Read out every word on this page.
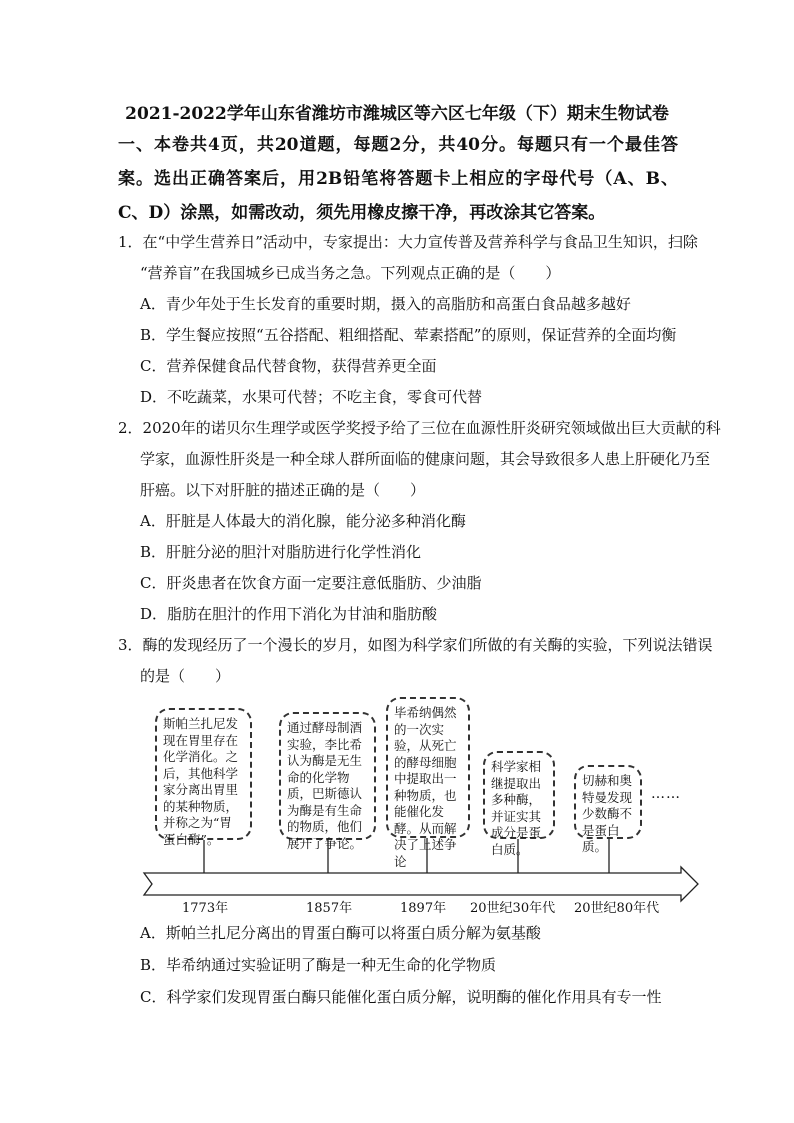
2021-2022学年山东省潍坊市潍城区等六区七年级（下）期末生物试卷
一、本卷共4页，共20道题，每题2分，共40分。每题只有一个最佳答案。选出正确答案后，用2B铅笔将答题卡上相应的字母代号（A、B、C、D）涂黑，如需改动，须先用橡皮擦干净，再改涂其它答案。
1．在“中学生营养日”活动中，专家提出：大力宣传普及营养科学与食品卫生知识，扫除
“营养盲”在我国城乡已成当务之急。下列观点正确的是（　　）
A．青少年处于生长发育的重要时期，摄入的高脂肪和高蛋白食品越多越好
B．学生餐应按照“五谷搭配、粗细搭配、荤素搭配”的原则，保证营养的全面均衡
C．营养保健食品代替食物，获得营养更全面
D．不吃蔬菜，水果可代替；不吃主食，零食可代替
2．2020年的诺贝尔生理学或医学奖授予给了三位在血源性肝炎研究领域做出巨大贡献的科
学家，血源性肝炎是一种全球人群所面临的健康问题，其会导致很多人患上肝硬化乃至
肝癌。以下对肝脏的描述正确的是（　　）
A．肝脏是人体最大的消化腺，能分泌多种消化酶
B．肝脏分泌的胆汁对脂肪进行化学性消化
C．肝炎患者在饮食方面一定要注意低脂肪、少油脂
D．脂肪在胆汁的作用下消化为甘油和脂肪酸
3．酶的发现经历了一个漫长的岁月，如图为科学家们所做的有关酶的实验，下列说法错误
的是（　　）
斯帕兰扎尼发现在胃里存在化学消化。之后，其他科学家分离出胃里的某种物质，并称之为“胃蛋白酶”。
通过酵母制酒实验，李比希认为酶是无生命的化学物质，巴斯德认为酶是有生命的物质，他们展开了争论。
毕希纳偶然的一次实验，从死亡的酵母细胞中提取出一种物质，也能催化发酵。从而解决了上述争论
科学家相继提取出多种酶，并证实其成分是蛋白质。
切赫和奥特曼发现少数酶不是蛋白质。
……
1773年	1857年	1897年 20世纪30年代 20世纪80年代
A．斯帕兰扎尼分离出的胃蛋白酶可以将蛋白质分解为氨基酸
B．毕希纳通过实验证明了酶是一种无生命的化学物质
C．科学家们发现胃蛋白酶只能催化蛋白质分解，说明酶的催化作用具有专一性
